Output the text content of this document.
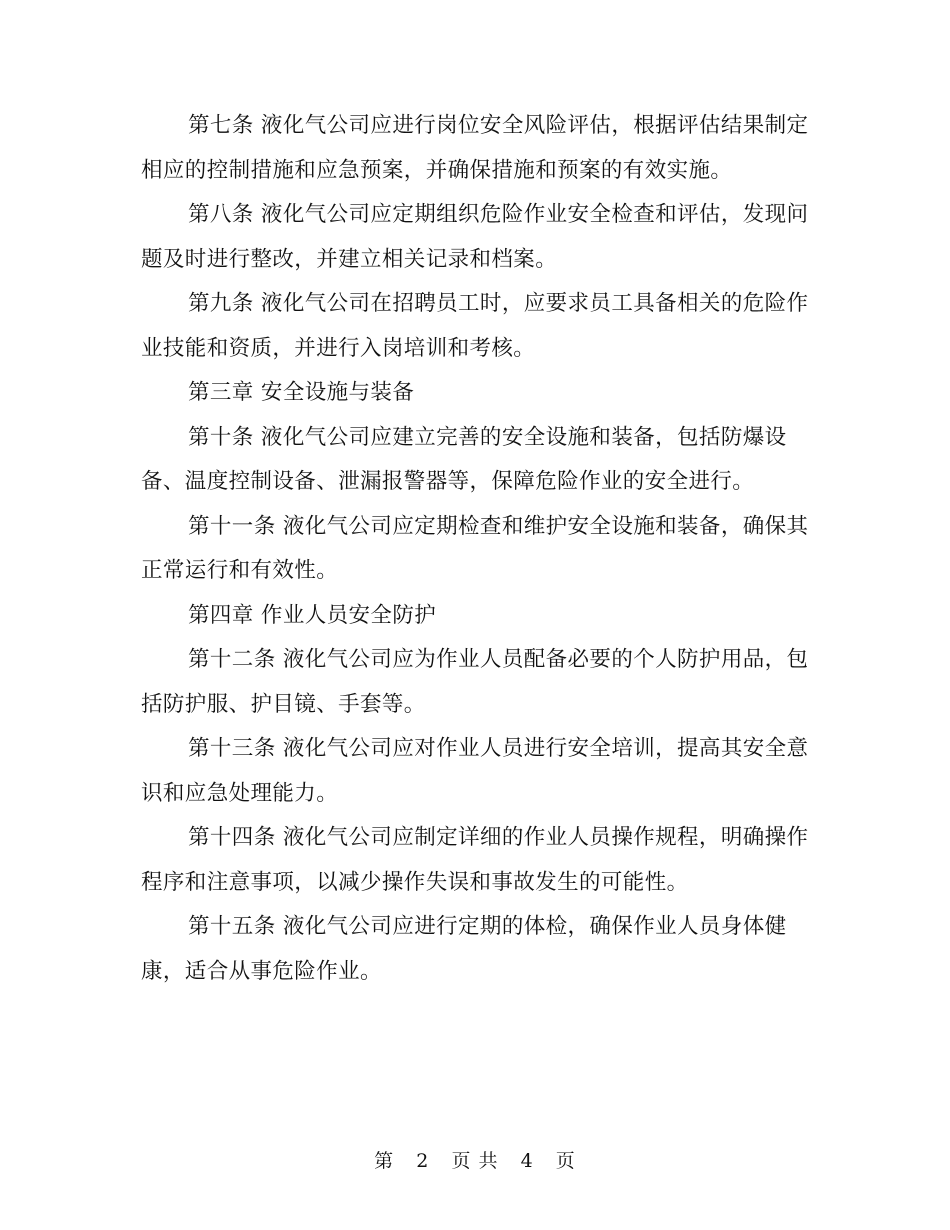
第七条 液化气公司应进行岗位安全风险评估，根据评估结果制定相应的控制措施和应急预案，并确保措施和预案的有效实施。

第八条 液化气公司应定期组织危险作业安全检查和评估，发现问题及时进行整改，并建立相关记录和档案。

第九条 液化气公司在招聘员工时，应要求员工具备相关的危险作业技能和资质，并进行入岗培训和考核。

第三章 安全设施与装备

第十条 液化气公司应建立完善的安全设施和装备，包括防爆设备、温度控制设备、泄漏报警器等，保障危险作业的安全进行。

第十一条 液化气公司应定期检查和维护安全设施和装备，确保其正常运行和有效性。

第四章 作业人员安全防护

第十二条 液化气公司应为作业人员配备必要的个人防护用品，包括防护服、护目镜、手套等。

第十三条 液化气公司应对作业人员进行安全培训，提高其安全意识和应急处理能力。

第十四条 液化气公司应制定详细的作业人员操作规程，明确操作程序和注意事项，以减少操作失误和事故发生的可能性。

第十五条 液化气公司应进行定期的体检，确保作业人员身体健康，适合从事危险作业。

第 2 页 共 4 页
